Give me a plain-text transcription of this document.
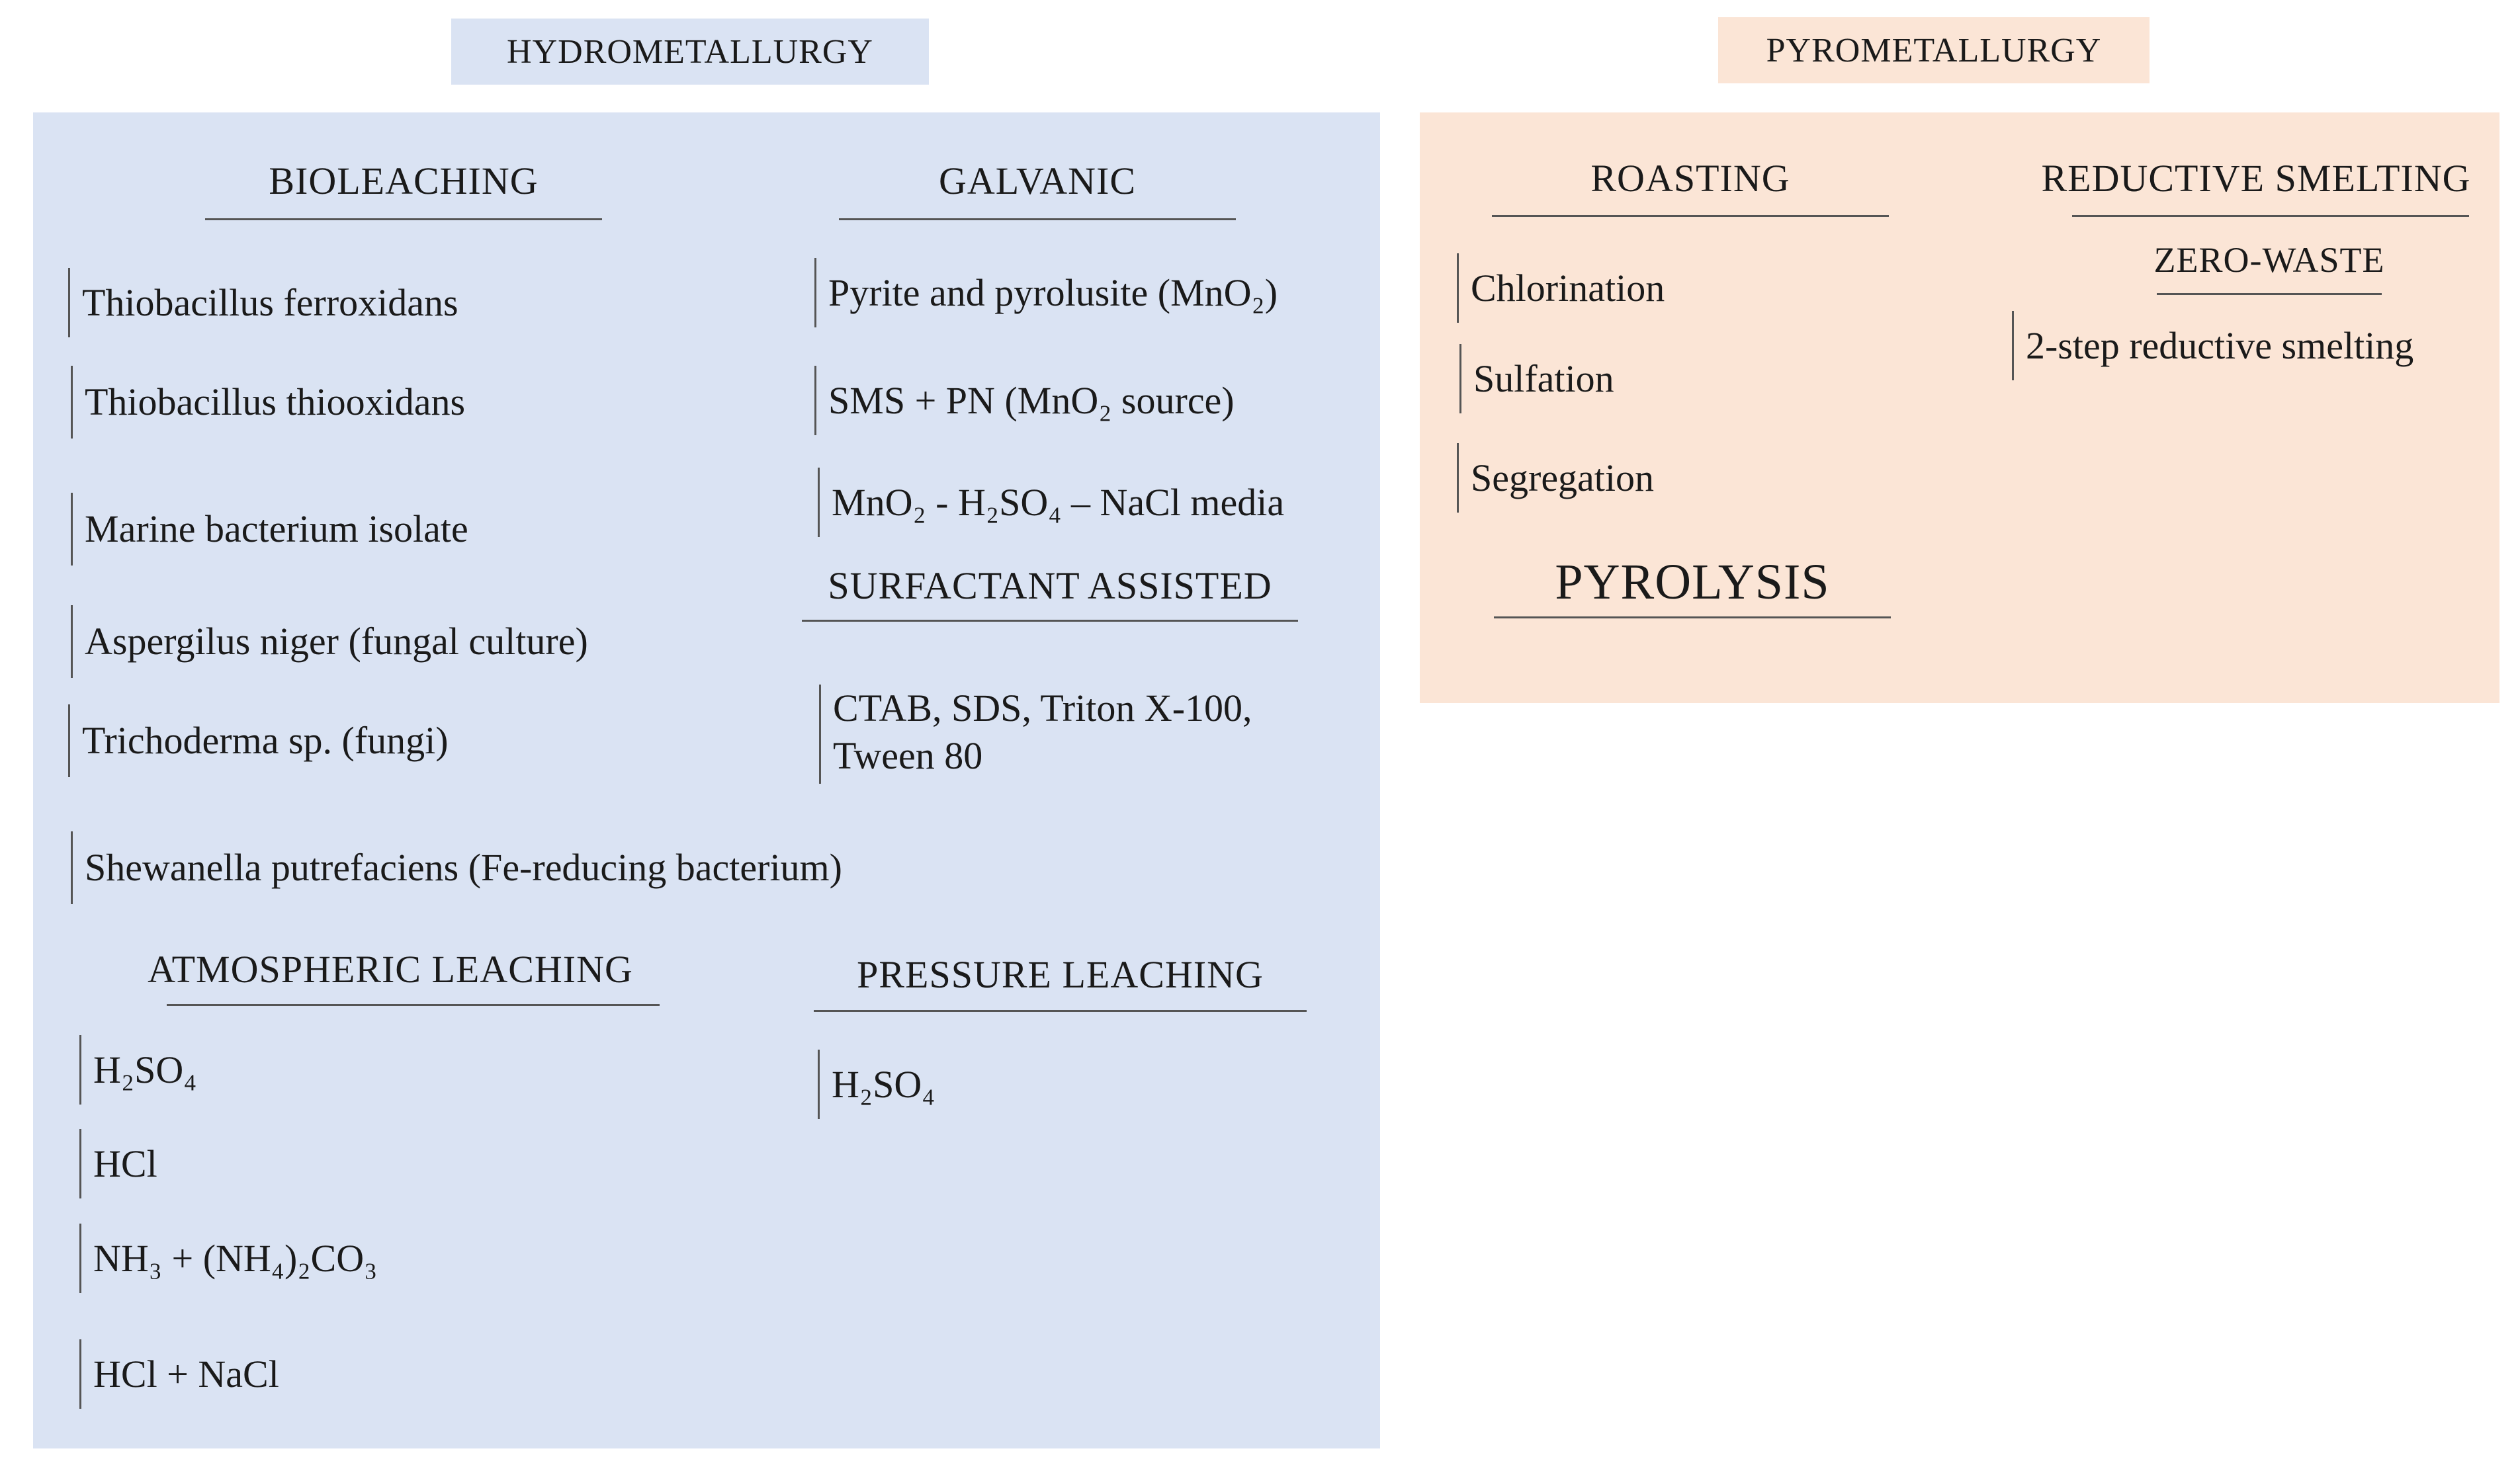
HYDROMETALLURGY	PYROMETALLURGY
BIOLEACHING
Thiobacillus ferroxidans
Thiobacillus thiooxidans
Marine bacterium isolate
Aspergilus niger (fungal culture)
Trichoderma sp. (fungi)
Shewanella putrefaciens (Fe-reducing bacterium)
GALVANIC
Pyrite and pyrolusite (MnO₂)
SMS + PN (MnO₂ source)
MnO₂ - H₂SO₄ – NaCl media
SURFACTANT ASSISTED
CTAB, SDS, Triton X-100, Tween 80
ATMOSPHERIC LEACHING
H₂SO₄
HCl
NH₃ + (NH₄)₂CO₃
HCl + NaCl
PRESSURE LEACHING
H₂SO₄
ROASTING
Chlorination
Sulfation
Segregation
PYROLYSIS
REDUCTIVE SMELTING
ZERO-WASTE
2-step reductive smelting
